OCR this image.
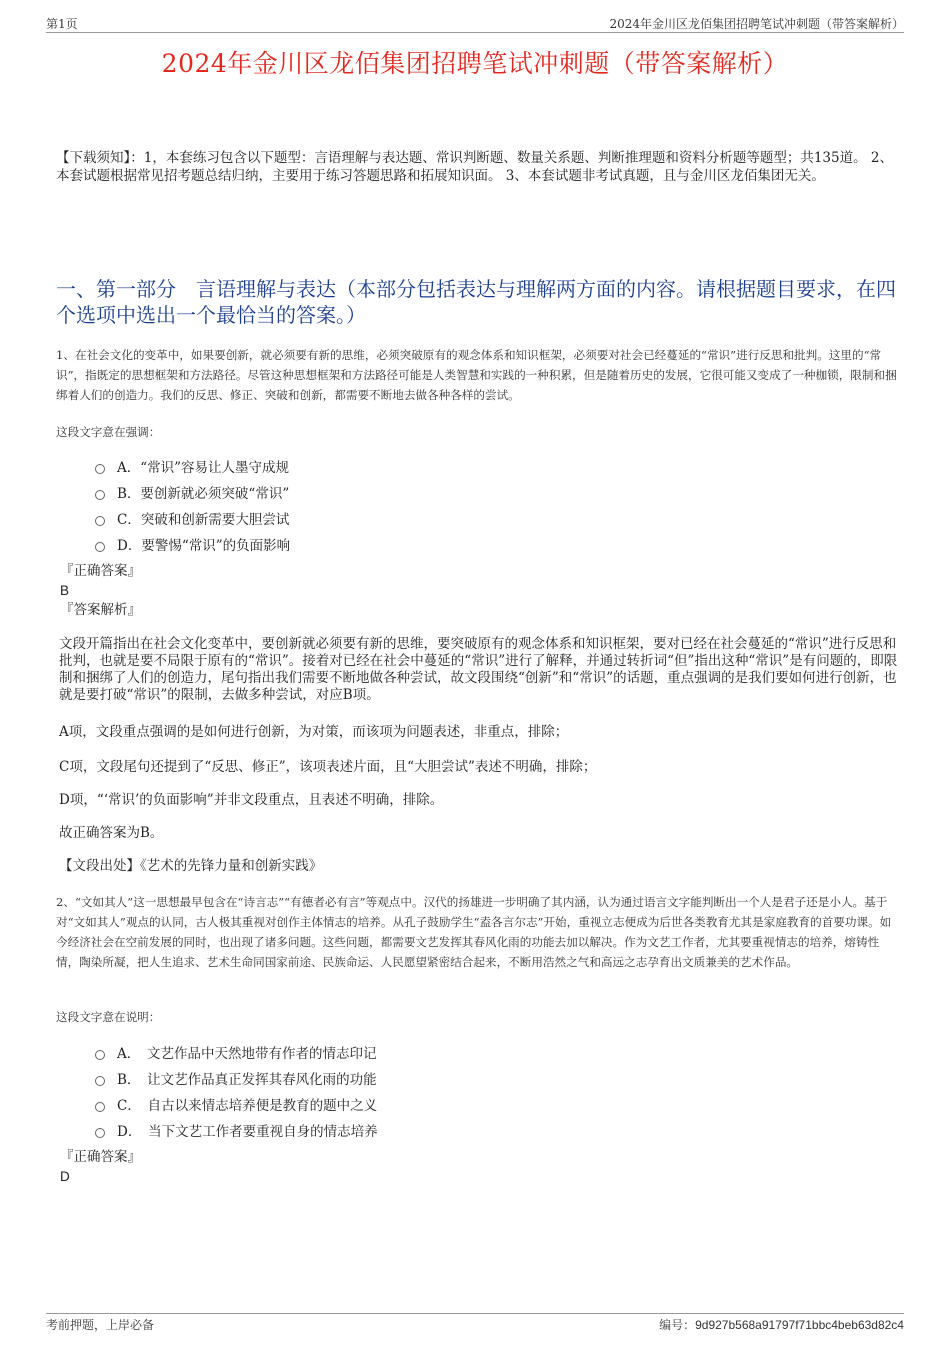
第1页	2024年金川区龙佰集团招聘笔试冲刺题（带答案解析）
2024年金川区龙佰集团招聘笔试冲刺题（带答案解析）
【下载须知】：1，本套练习包含以下题型：言语理解与表达题、常识判断题、数量关系题、判断推理题和资料分析题等题型；共135道。 2、本套试题根据常见招考题总结归纳，主要用于练习答题思路和拓展知识面。 3、本套试题非考试真题，且与金川区龙佰集团无关。
一、第一部分　言语理解与表达（本部分包括表达与理解两方面的内容。请根据题目要求，在四个选项中选出一个最恰当的答案。）
1、在社会文化的变革中，如果要创新，就必须要有新的思维，必须突破原有的观念体系和知识框架，必须要对社会已经蔓延的“常识”进行反思和批判。这里的“常识”，指既定的思想框架和方法路径。尽管这种思想框架和方法路径可能是人类智慧和实践的一种积累，但是随着历史的发展，它很可能又变成了一种枷锁，限制和捆绑着人们的创造力。我们的反思、修正、突破和创新，都需要不断地去做各种各样的尝试。
这段文字意在强调：
A．“常识”容易让人墨守成规
B．要创新就必须突破“常识”
C．突破和创新需要大胆尝试
D．要警惕“常识”的负面影响
『正确答案』
B
『答案解析』
文段开篇指出在社会文化变革中，要创新就必须要有新的思维，要突破原有的观念体系和知识框架，要对已经在社会蔓延的“常识”进行反思和批判，也就是要不局限于原有的“常识”。接着对已经在社会中蔓延的“常识”进行了解释，并通过转折词“但”指出这种“常识”是有问题的，即限制和捆绑了人们的创造力，尾句指出我们需要不断地做各种尝试，故文段围绕“创新”和“常识”的话题，重点强调的是我们要如何进行创新，也就是要打破“常识”的限制，去做多种尝试，对应B项。
A项，文段重点强调的是如何进行创新，为对策，而该项为问题表述，非重点，排除；
C项，文段尾句还提到了“反思、修正”，该项表述片面，且“大胆尝试”表述不明确，排除；
D项，“‘常识’的负面影响”并非文段重点，且表述不明确，排除。
故正确答案为B。
【文段出处】《艺术的先锋力量和创新实践》
2、“文如其人”这一思想最早包含在“诗言志”“有德者必有言”等观点中。汉代的扬雄进一步明确了其内涵，认为通过语言文字能判断出一个人是君子还是小人。基于对“文如其人”观点的认同，古人极其重视对创作主体情志的培养。从孔子鼓励学生“盍各言尔志”开始，重视立志便成为后世各类教育尤其是家庭教育的首要功课。如今经济社会在空前发展的同时，也出现了诸多问题。这些问题，都需要文艺发挥其春风化雨的功能去加以解决。作为文艺工作者，尤其要重视情志的培养，熔铸性情，陶染所凝，把人生追求、艺术生命同国家前途、民族命运、人民愿望紧密结合起来，不断用浩然之气和高远之志孕育出文质兼美的艺术作品。
这段文字意在说明：
A．　文艺作品中天然地带有作者的情志印记
B．　让文艺作品真正发挥其春风化雨的功能
C．　自古以来情志培养便是教育的题中之义
D．　当下文艺工作者要重视自身的情志培养
『正确答案』
D
考前押题，上岸必备	编号：9d927b568a91797f71bbc4beb63d82c4
